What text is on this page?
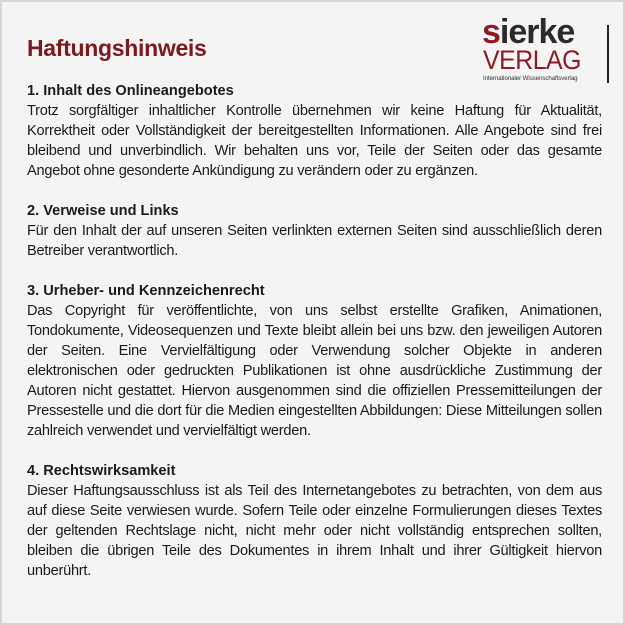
Haftungshinweis	sierke
VERLAG
Internationaler Wissenschaftsverlag
1. Inhalt des Onlineangebotes

Trotz sorgfältiger inhaltlicher Kontrolle übernehmen wir keine Haftung für Aktualität, Korrektheit oder Vollständigkeit der bereitgestellten Informationen. Alle Angebote sind frei bleibend und unverbindlich. Wir behalten uns vor, Teile der Seiten oder das gesamte Angebot ohne gesonderte Ankündigung zu verändern oder zu ergänzen.

2. Verweise und Links

Für den Inhalt der auf unseren Seiten verlinkten externen Seiten sind ausschließlich deren Betreiber verantwortlich.

3. Urheber- und Kennzeichenrecht

Das Copyright für veröffentlichte, von uns selbst erstellte Grafiken, Animationen, Tondokumente, Videosequenzen und Texte bleibt allein bei uns bzw. den jeweiligen Autoren der Seiten. Eine Vervielfältigung oder Verwendung solcher Objekte in anderen elektronischen oder gedruckten Publikationen ist ohne ausdrückliche Zustimmung der Autoren nicht gestattet. Hiervon ausgenommen sind die offiziellen Pressemitteilungen der Pressestelle und die dort für die Medien eingestellten Abbildungen: Diese Mitteilungen sollen zahlreich verwendet und vervielfältigt werden.

4. Rechtswirksamkeit

Dieser Haftungsausschluss ist als Teil des Internetangebotes zu betrachten, von dem aus auf diese Seite verwiesen wurde. Sofern Teile oder einzelne Formulierungen dieses Textes der geltenden Rechtslage nicht, nicht mehr oder nicht vollständig entsprechen sollten, bleiben die übrigen Teile des Dokumentes in ihrem Inhalt und ihrer Gültigkeit hiervon unberührt.
